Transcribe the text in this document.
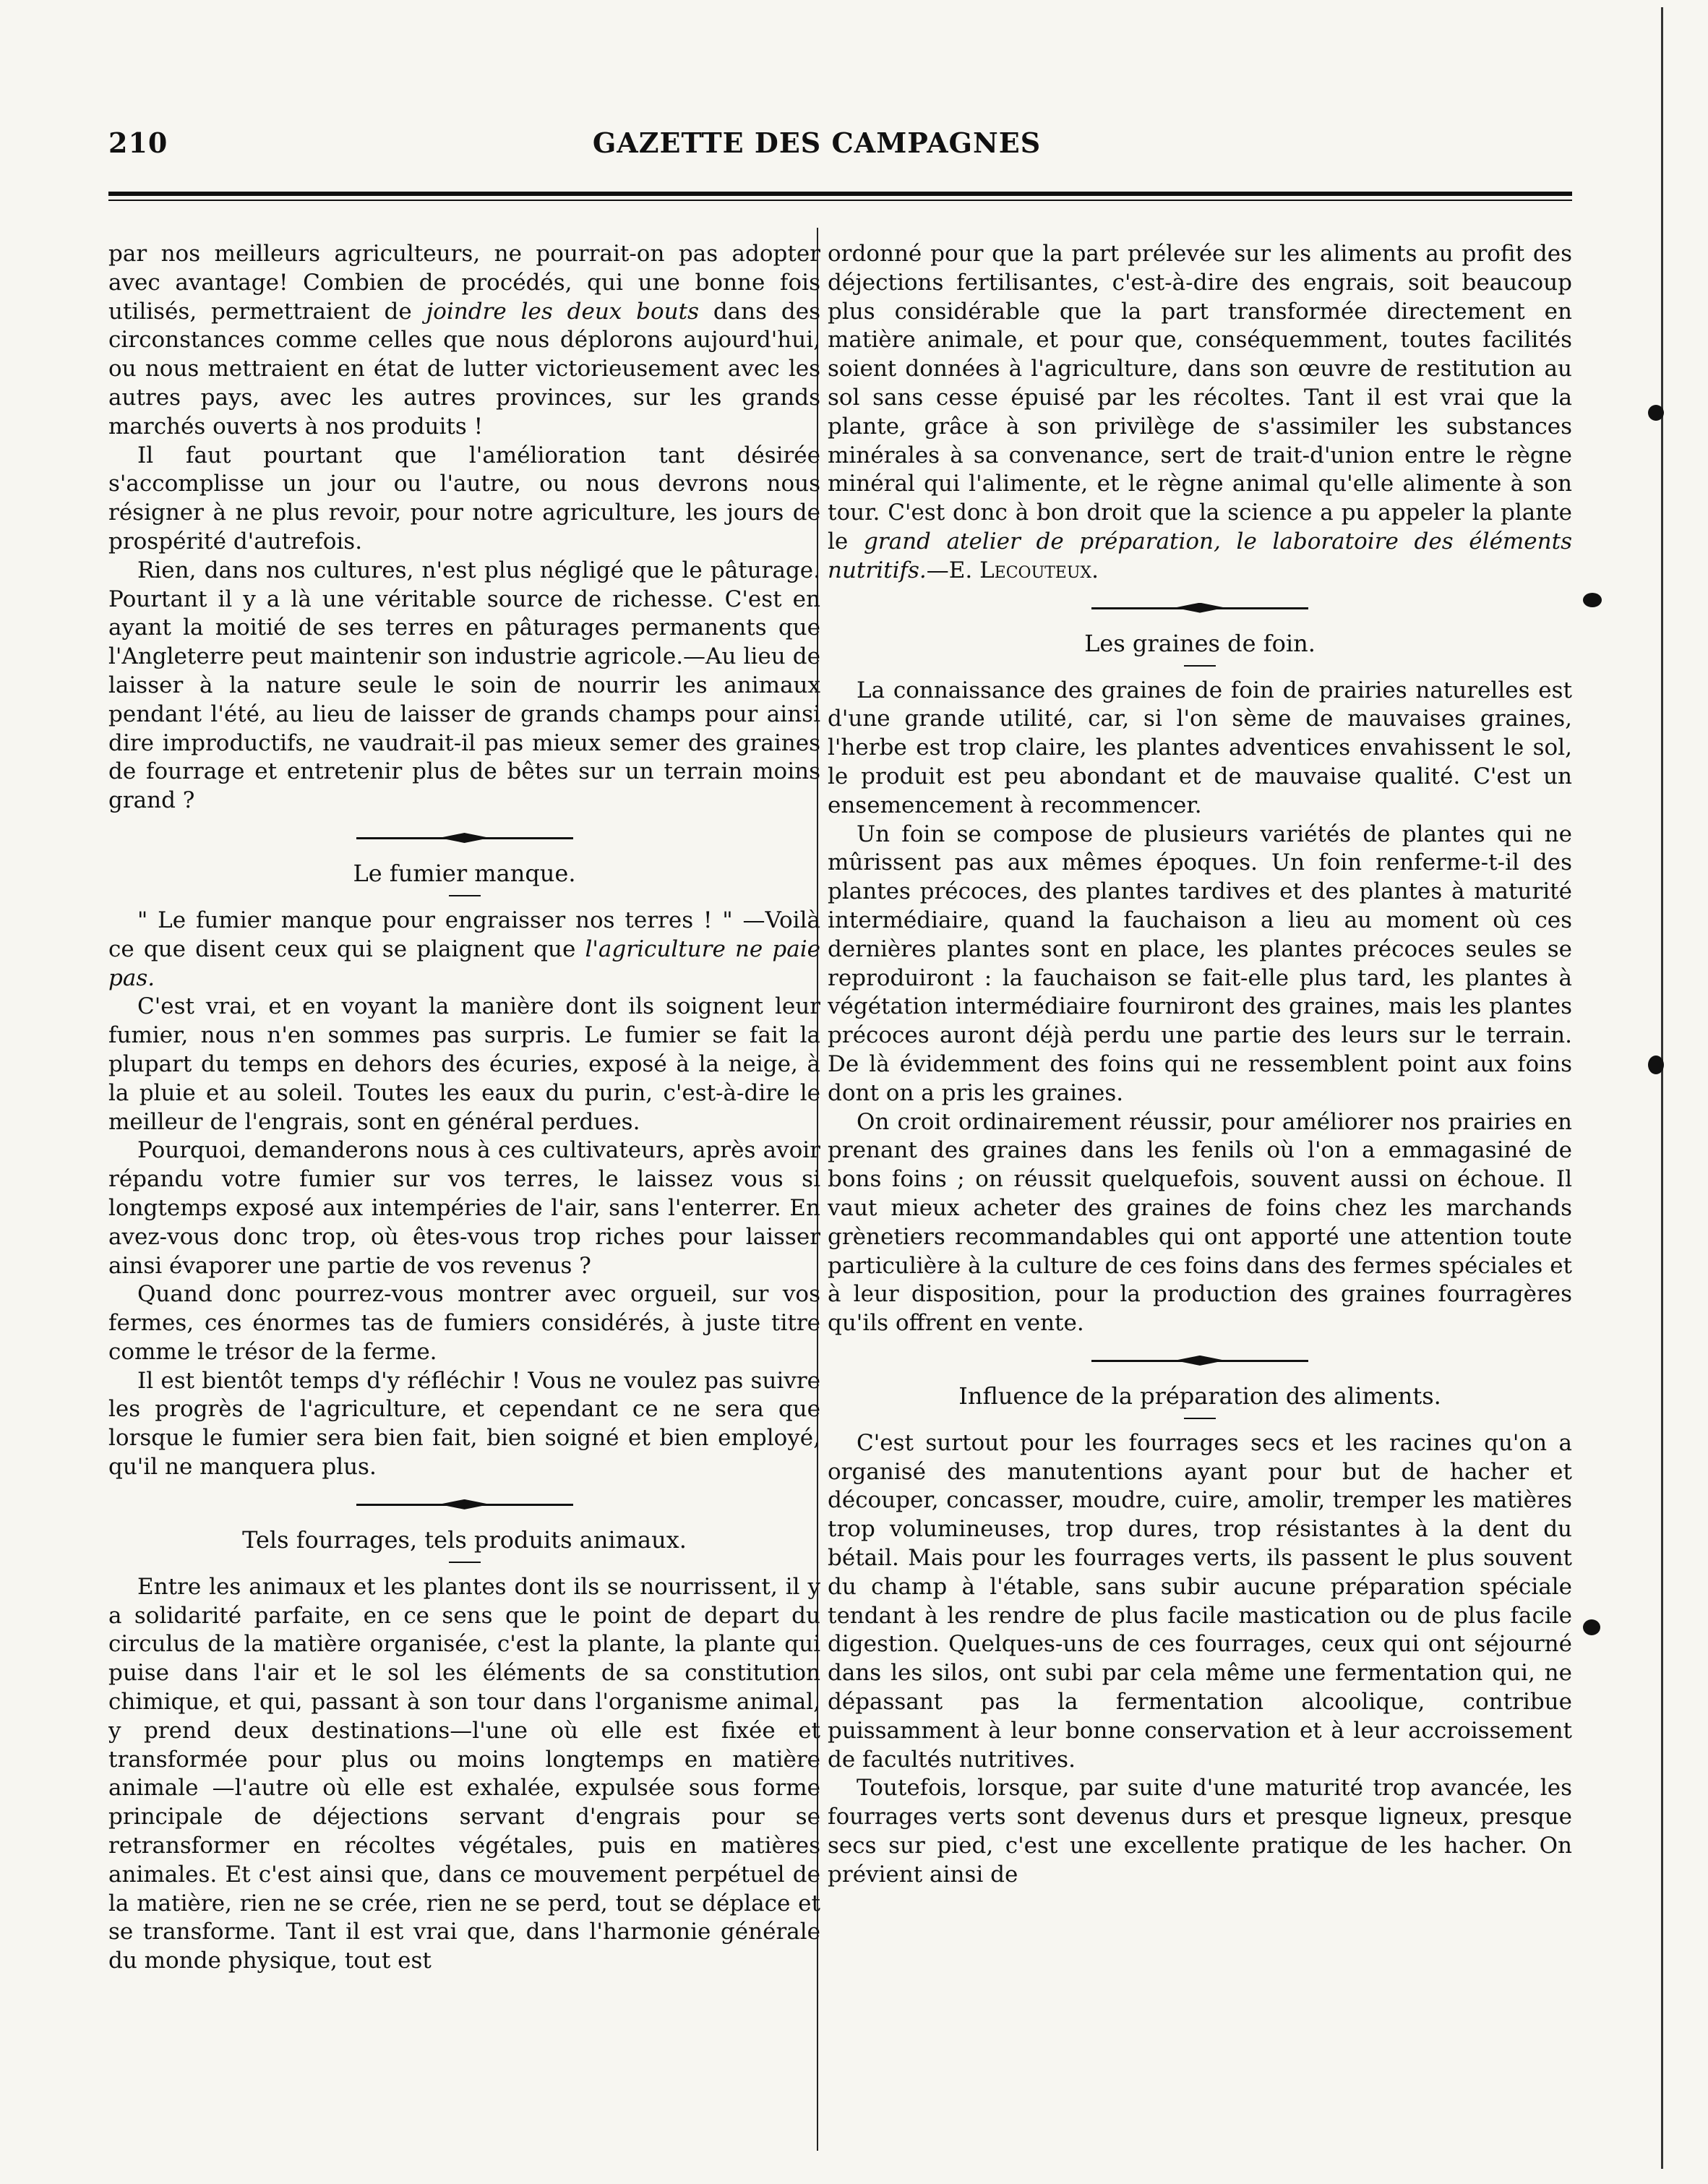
210	GAZETTE DES CAMPAGNES

par nos meilleurs agriculteurs, ne pourrait-on pas adopter avec avantage! Combien de procédés, qui une bonne fois utilisés, permettraient de joindre les deux bouts dans des circonstances comme celles que nous déplorons aujourd'hui, ou nous mettraient en état de lutter victorieusement avec les autres pays, avec les autres provinces, sur les grands marchés ouverts à nos produits !

Il faut pourtant que l'amélioration tant désirée s'accomplisse un jour ou l'autre, ou nous devrons nous résigner à ne plus revoir, pour notre agriculture, les jours de prospérité d'autrefois.

Rien, dans nos cultures, n'est plus négligé que le pâturage. Pourtant il y a là une véritable source de richesse. C'est en ayant la moitié de ses terres en pâturages permanents que l'Angleterre peut maintenir son industrie agricole.—Au lieu de laisser à la nature seule le soin de nourrir les animaux pendant l'été, au lieu de laisser de grands champs pour ainsi dire improductifs, ne vaudrait-il pas mieux semer des graines de fourrage et entretenir plus de bêtes sur un terrain moins grand ?

Le fumier manque.

" Le fumier manque pour engraisser nos terres ! " —Voilà ce que disent ceux qui se plaignent que l'agriculture ne paie pas.

C'est vrai, et en voyant la manière dont ils soignent leur fumier, nous n'en sommes pas surpris. Le fumier se fait la plupart du temps en dehors des écuries, exposé à la neige, à la pluie et au soleil. Toutes les eaux du purin, c'est-à-dire le meilleur de l'engrais, sont en général perdues.

Pourquoi, demanderons nous à ces cultivateurs, après avoir répandu votre fumier sur vos terres, le laissez vous si longtemps exposé aux intempéries de l'air, sans l'enterrer. En avez-vous donc trop, où êtes-vous trop riches pour laisser ainsi évaporer une partie de vos revenus ?

Quand donc pourrez-vous montrer avec orgueil, sur vos fermes, ces énormes tas de fumiers considérés, à juste titre comme le trésor de la ferme.

Il est bientôt temps d'y réfléchir ! Vous ne voulez pas suivre les progrès de l'agriculture, et cependant ce ne sera que lorsque le fumier sera bien fait, bien soigné et bien employé, qu'il ne manquera plus.

Tels fourrages, tels produits animaux.

Entre les animaux et les plantes dont ils se nourrissent, il y a solidarité parfaite, en ce sens que le point de depart du circulus de la matière organisée, c'est la plante, la plante qui puise dans l'air et le sol les éléments de sa constitution chimique, et qui, passant à son tour dans l'organisme animal, y prend deux destinations—l'une où elle est fixée et transformée pour plus ou moins longtemps en matière animale —l'autre où elle est exhalée, expulsée sous forme principale de déjections servant d'engrais pour se retransformer en récoltes végétales, puis en matières animales. Et c'est ainsi que, dans ce mouvement perpétuel de la matière, rien ne se crée, rien ne se perd, tout se déplace et se transforme. Tant il est vrai que, dans l'harmonie générale du monde physique, tout est

ordonné pour que la part prélevée sur les aliments au profit des déjections fertilisantes, c'est-à-dire des engrais, soit beaucoup plus considérable que la part transformée directement en matière animale, et pour que, conséquemment, toutes facilités soient données à l'agriculture, dans son œuvre de restitution au sol sans cesse épuisé par les récoltes. Tant il est vrai que la plante, grâce à son privilège de s'assimiler les substances minérales à sa convenance, sert de trait-d'union entre le règne minéral qui l'alimente, et le règne animal qu'elle alimente à son tour. C'est donc à bon droit que la science a pu appeler la plante le grand atelier de préparation, le laboratoire des éléments nutritifs.—E. Lecouteux.

Les graines de foin.

La connaissance des graines de foin de prairies naturelles est d'une grande utilité, car, si l'on sème de mauvaises graines, l'herbe est trop claire, les plantes adventices envahissent le sol, le produit est peu abondant et de mauvaise qualité. C'est un ensemencement à recommencer.

Un foin se compose de plusieurs variétés de plantes qui ne mûrissent pas aux mêmes époques. Un foin renferme-t-il des plantes précoces, des plantes tardives et des plantes à maturité intermédiaire, quand la fauchaison a lieu au moment où ces dernières plantes sont en place, les plantes précoces seules se reproduiront : la fauchaison se fait-elle plus tard, les plantes à végétation intermédiaire fourniront des graines, mais les plantes précoces auront déjà perdu une partie des leurs sur le terrain. De là évidemment des foins qui ne ressemblent point aux foins dont on a pris les graines.

On croit ordinairement réussir, pour améliorer nos prairies en prenant des graines dans les fenils où l'on a emmagasiné de bons foins ; on réussit quelquefois, souvent aussi on échoue. Il vaut mieux acheter des graines de foins chez les marchands grènetiers recommandables qui ont apporté une attention toute particulière à la culture de ces foins dans des fermes spéciales et à leur disposition, pour la production des graines fourragères qu'ils offrent en vente.

Influence de la préparation des aliments.

C'est surtout pour les fourrages secs et les racines qu'on a organisé des manutentions ayant pour but de hacher et découper, concasser, moudre, cuire, amolir, tremper les matières trop volumineuses, trop dures, trop résistantes à la dent du bétail. Mais pour les fourrages verts, ils passent le plus souvent du champ à l'étable, sans subir aucune préparation spéciale tendant à les rendre de plus facile mastication ou de plus facile digestion. Quelques-uns de ces fourrages, ceux qui ont séjourné dans les silos, ont subi par cela même une fermentation qui, ne dépassant pas la fermentation alcoolique, contribue puissamment à leur bonne conservation et à leur accroissement de facultés nutritives.

Toutefois, lorsque, par suite d'une maturité trop avancée, les fourrages verts sont devenus durs et presque ligneux, presque secs sur pied, c'est une excellente pratique de les hacher. On prévient ainsi de
